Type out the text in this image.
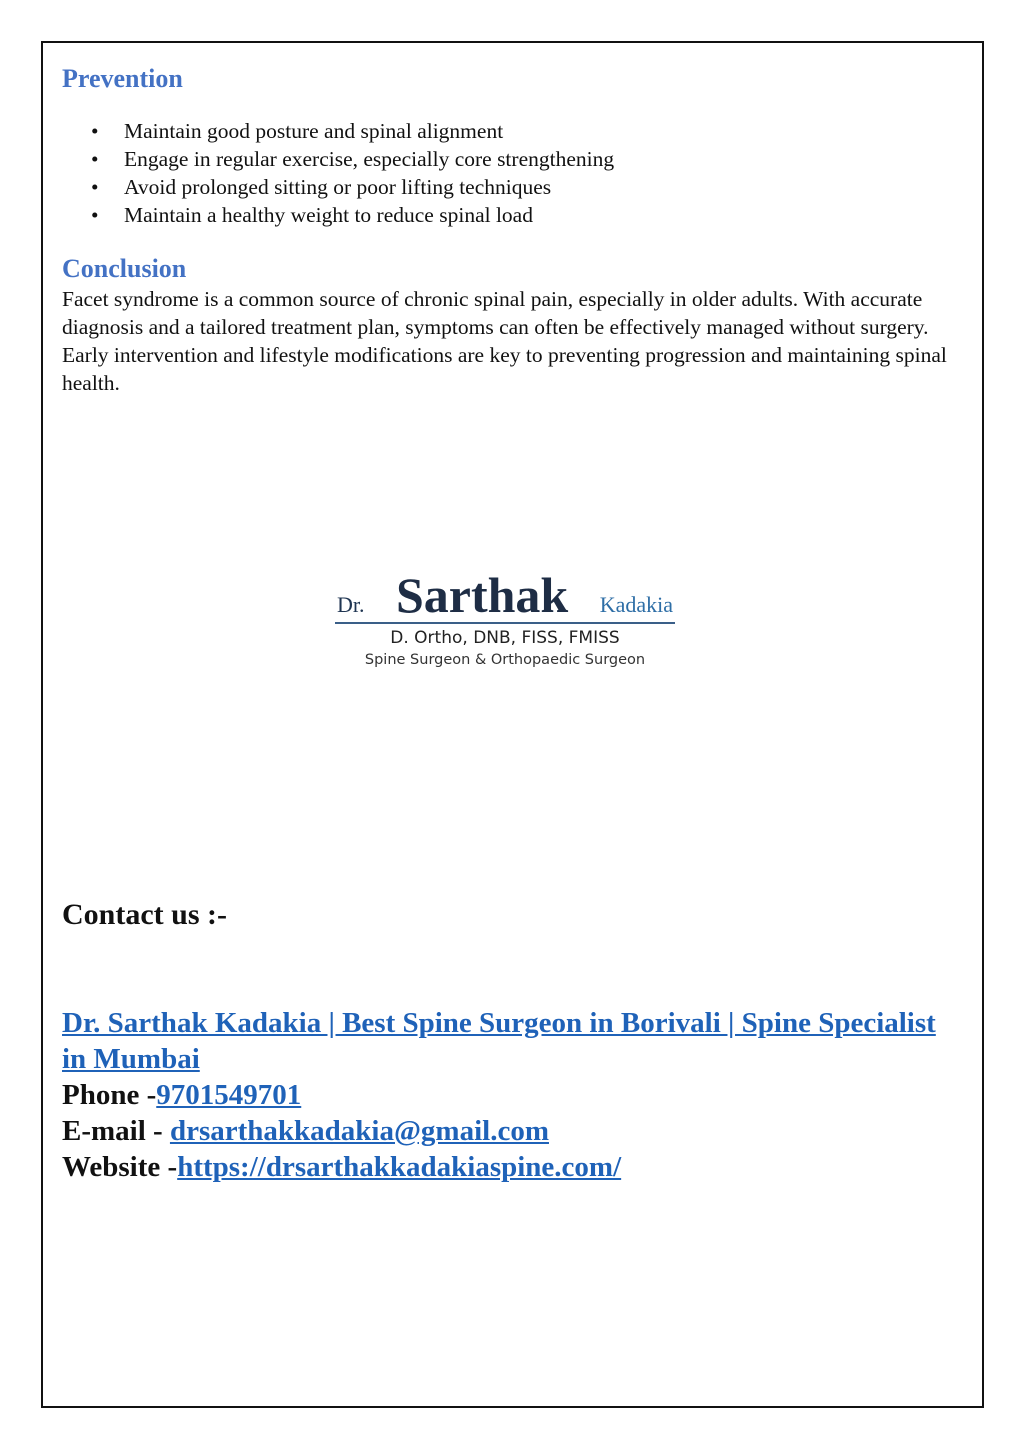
Prevention
• Maintain good posture and spinal alignment
• Engage in regular exercise, especially core strengthening
• Avoid prolonged sitting or poor lifting techniques
• Maintain a healthy weight to reduce spinal load
Conclusion

Facet syndrome is a common source of chronic spinal pain, especially in older adults. With accurate diagnosis and a tailored treatment plan, symptoms can often be effectively managed without surgery. Early intervention and lifestyle modifications are key to preventing progression and maintaining spinal health.

Dr. Sarthak Kadakia
D. Ortho, DNB, FISS, FMISS
Spine Surgeon & Orthopaedic Surgeon
Contact us :-
Dr. Sarthak Kadakia | Best Spine Surgeon in Borivali | Spine Specialist in Mumbai
Phone -9701549701
E-mail - drsarthakkadakia@gmail.com
Website -https://drsarthakkadakiaspine.com/
